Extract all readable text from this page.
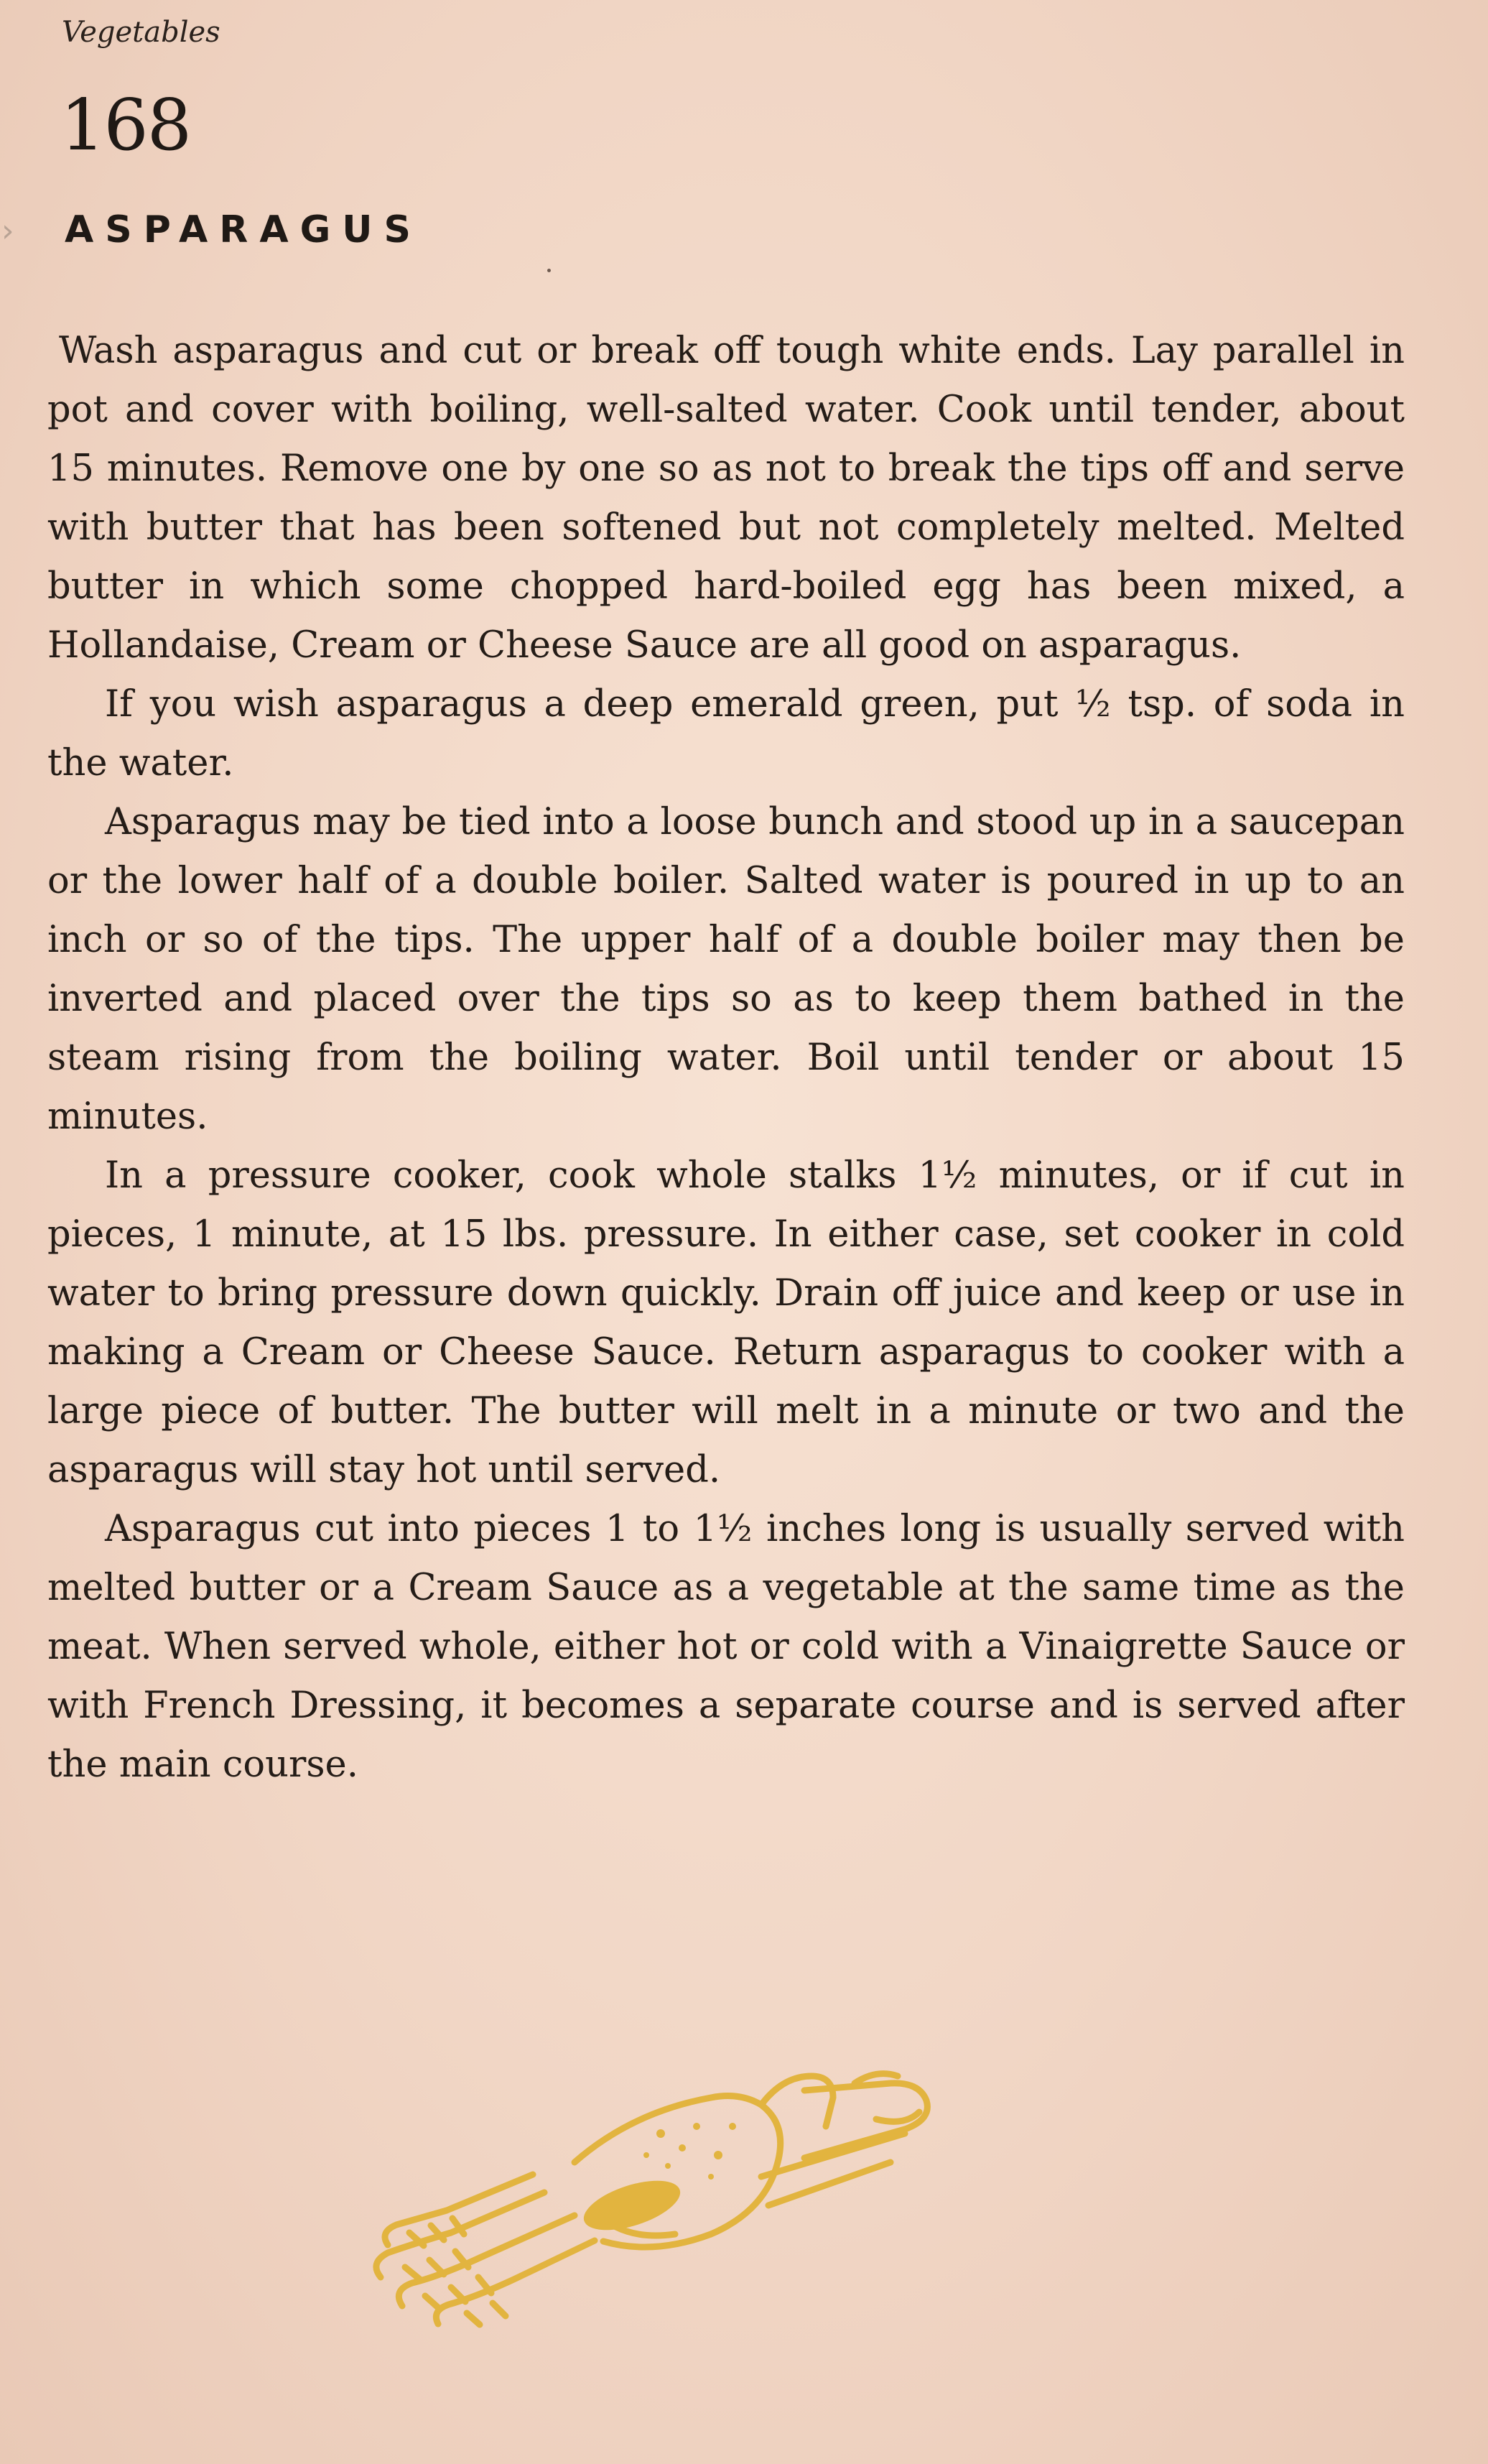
Vegetables
168
› ASPARAGUS

Wash asparagus and cut or break off tough white ends. Lay parallel in pot and cover with boiling, well-salted water. Cook until tender, about 15 minutes. Remove one by one so as not to break the tips off and serve with butter that has been softened but not completely melted. Melted butter in which some chopped hard-boiled egg has been mixed, a Hollandaise, Cream or Cheese Sauce are all good on asparagus.

If you wish asparagus a deep emerald green, put ½ tsp. of soda in the water.

Asparagus may be tied into a loose bunch and stood up in a saucepan or the lower half of a double boiler. Salted water is poured in up to an inch or so of the tips. The upper half of a double boiler may then be inverted and placed over the tips so as to keep them bathed in the steam rising from the boiling water. Boil until tender or about 15 minutes.

In a pressure cooker, cook whole stalks 1½ minutes, or if cut in pieces, 1 minute, at 15 lbs. pressure. In either case, set cooker in cold water to bring pressure down quickly. Drain off juice and keep or use in making a Cream or Cheese Sauce. Return asparagus to cooker with a large piece of butter. The butter will melt in a minute or two and the asparagus will stay hot until served.

Asparagus cut into pieces 1 to 1½ inches long is usually served with melted butter or a Cream Sauce as a vegetable at the same time as the meat. When served whole, either hot or cold with a Vinaigrette Sauce or with French Dressing, it becomes a separate course and is served after the main course.
